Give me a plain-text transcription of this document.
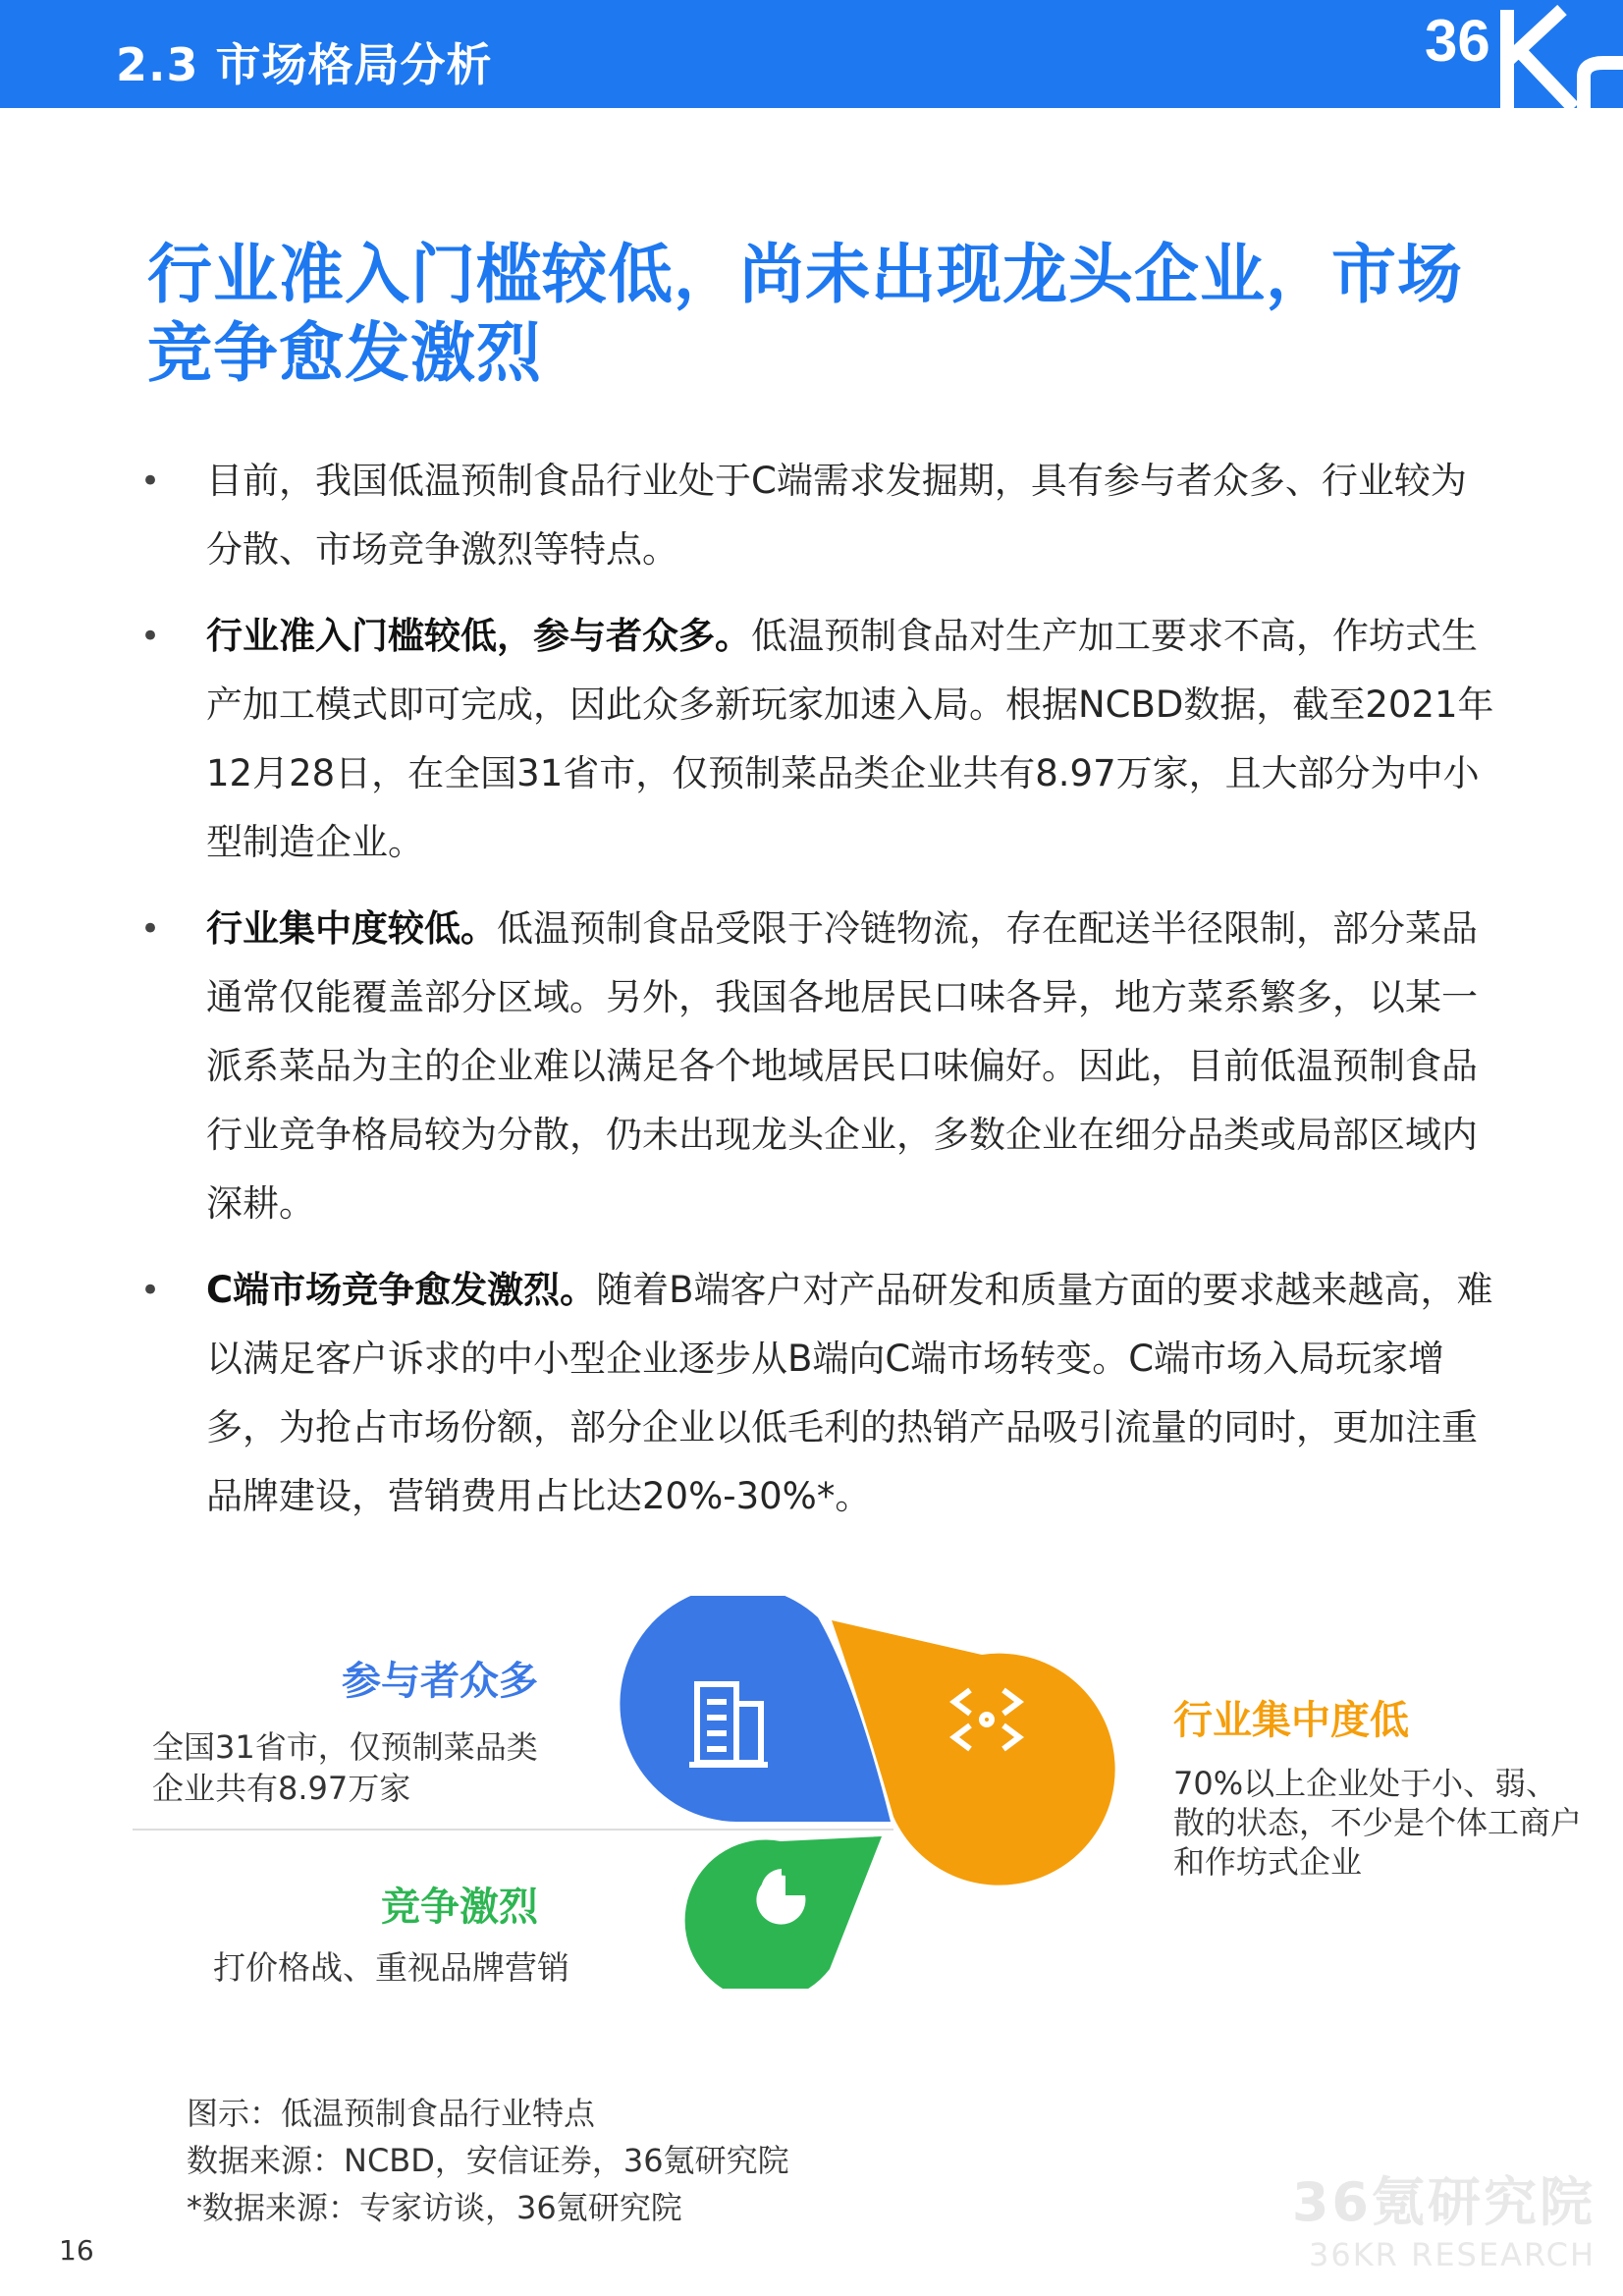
2.3 市场格局分析	36
行业准入门槛较低，尚未出现龙头企业，市场竞争愈发激烈
• 目前，我国低温预制食品行业处于C端需求发掘期，具有参与者众多、行业较为分散、市场竞争激烈等特点。
• 行业准入门槛较低，参与者众多。低温预制食品对生产加工要求不高，作坊式生产加工模式即可完成，因此众多新玩家加速入局。根据NCBD数据，截至2021年12月28日，在全国31省市，仅预制菜品类企业共有8.97万家，且大部分为中小型制造企业。
• 行业集中度较低。低温预制食品受限于冷链物流，存在配送半径限制，部分菜品通常仅能覆盖部分区域。另外，我国各地居民口味各异，地方菜系繁多，以某一派系菜品为主的企业难以满足各个地域居民口味偏好。因此，目前低温预制食品行业竞争格局较为分散，仍未出现龙头企业，多数企业在细分品类或局部区域内深耕。
• C端市场竞争愈发激烈。随着B端客户对产品研发和质量方面的要求越来越高，难以满足客户诉求的中小型企业逐步从B端向C端市场转变。C端市场入局玩家增多，为抢占市场份额，部分企业以低毛利的热销产品吸引流量的同时，更加注重品牌建设，营销费用占比达20%-30%*。
参与者众多
全国31省市，仅预制菜品类企业共有8.97万家
竞争激烈
打价格战、重视品牌营销
行业集中度低
70%以上企业处于小、弱、散的状态，不少是个体工商户和作坊式企业
图示：低温预制食品行业特点
数据来源：NCBD，安信证券，36氪研究院
*数据来源：专家访谈，36氪研究院
16
36氪研究院
36KR RESEARCH
